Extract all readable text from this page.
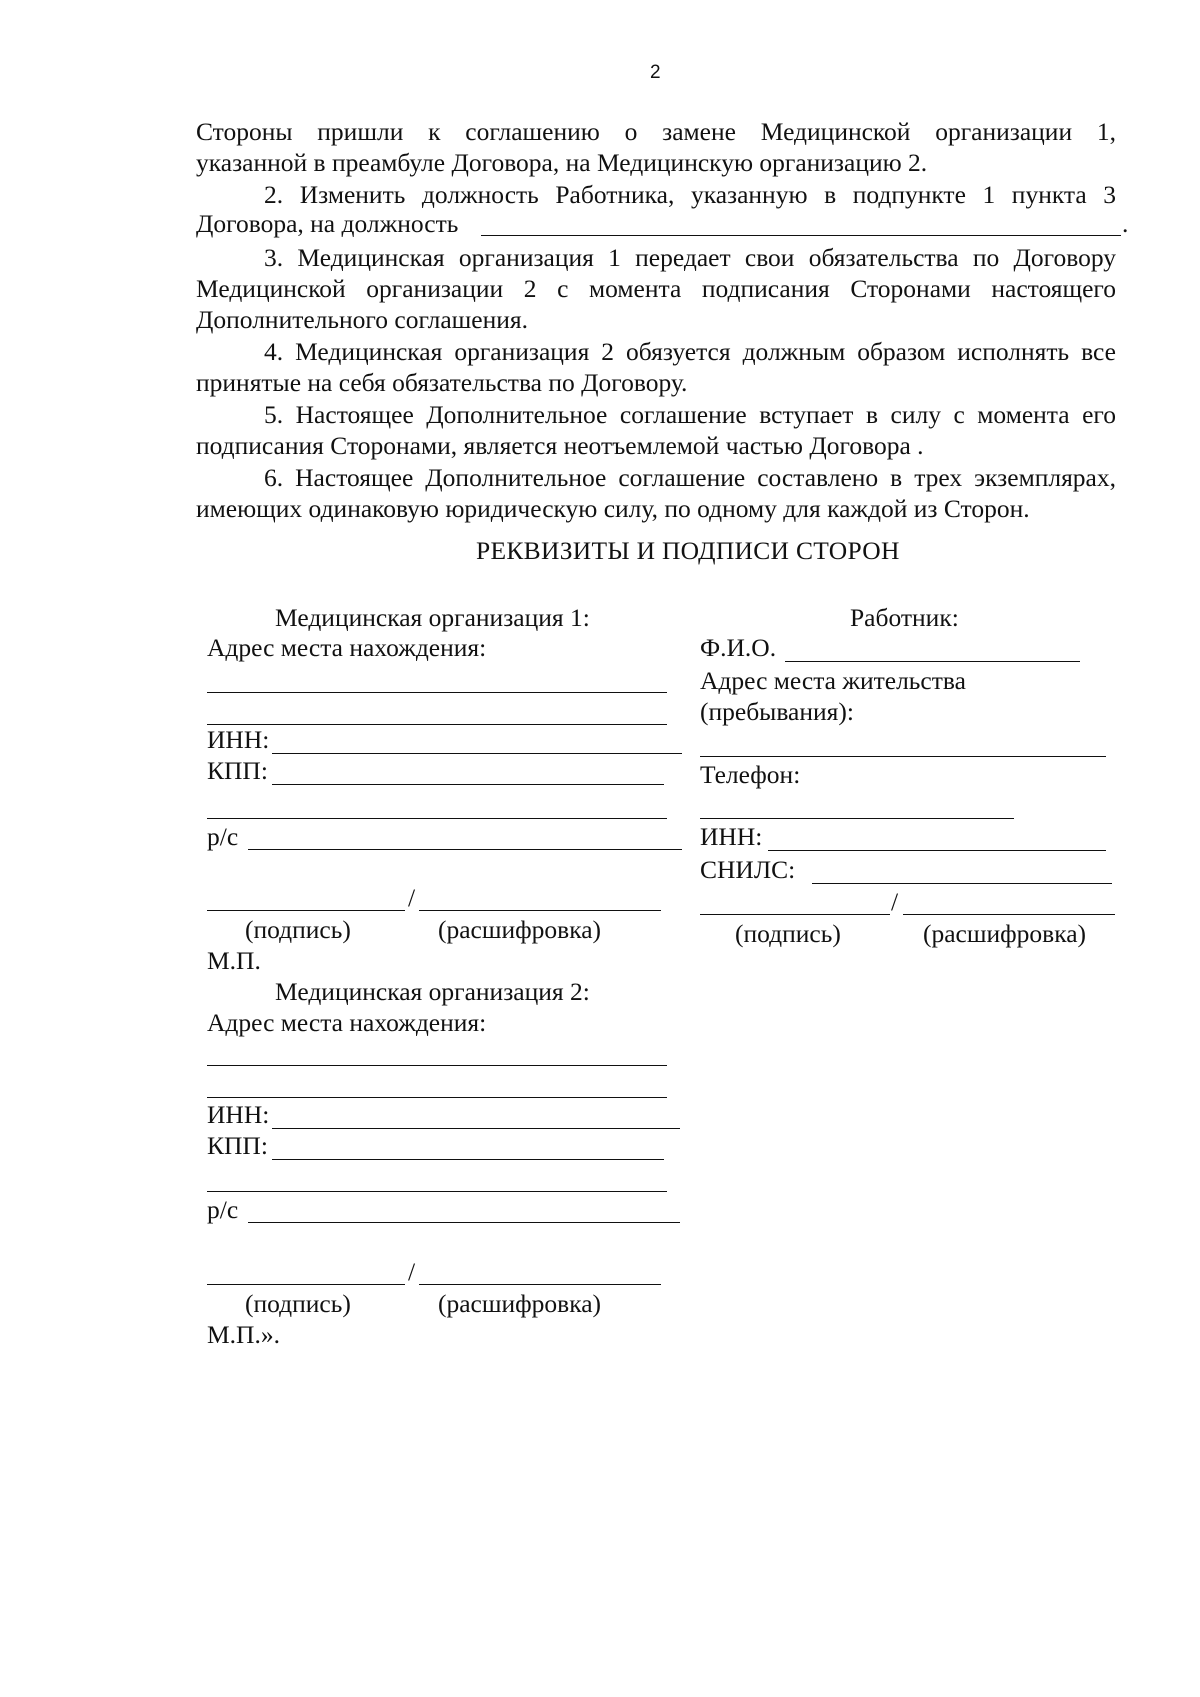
2
Стороны пришли к соглашению о замене Медицинской организации 1,
указанной в преамбуле Договора, на Медицинскую организацию 2.
2. Изменить должность Работника, указанную в подпункте 1 пункта 3
Договора, на должность	.
3. Медицинская организация 1 передает свои обязательства по Договору
Медицинской организации 2 с момента подписания Сторонами настоящего
Дополнительного соглашения.
4. Медицинская организация 2 обязуется должным образом исполнять все
принятые на себя обязательства по Договору.
5. Настоящее Дополнительное соглашение вступает в силу с момента его
подписания Сторонами, является неотъемлемой частью Договора .
6. Настоящее Дополнительное соглашение составлено в трех экземплярах,
имеющих одинаковую юридическую силу, по одному для каждой из Сторон.
РЕКВИЗИТЫ И ПОДПИСИ СТОРОН
Медицинская организация 1:
Адрес места нахождения:
ИНН:
КПП:
р/с
/
(подпись)	(расшифровка)
М.П.
Медицинская организация 2:
Адрес места нахождения:
ИНН:
КПП:
р/с
/
(подпись)	(расшифровка)
М.П.».
Работник:
Ф.И.О.
Адрес места жительства
(пребывания):
Телефон:
ИНН:
СНИЛС:
/
(подпись)	(расшифровка)
